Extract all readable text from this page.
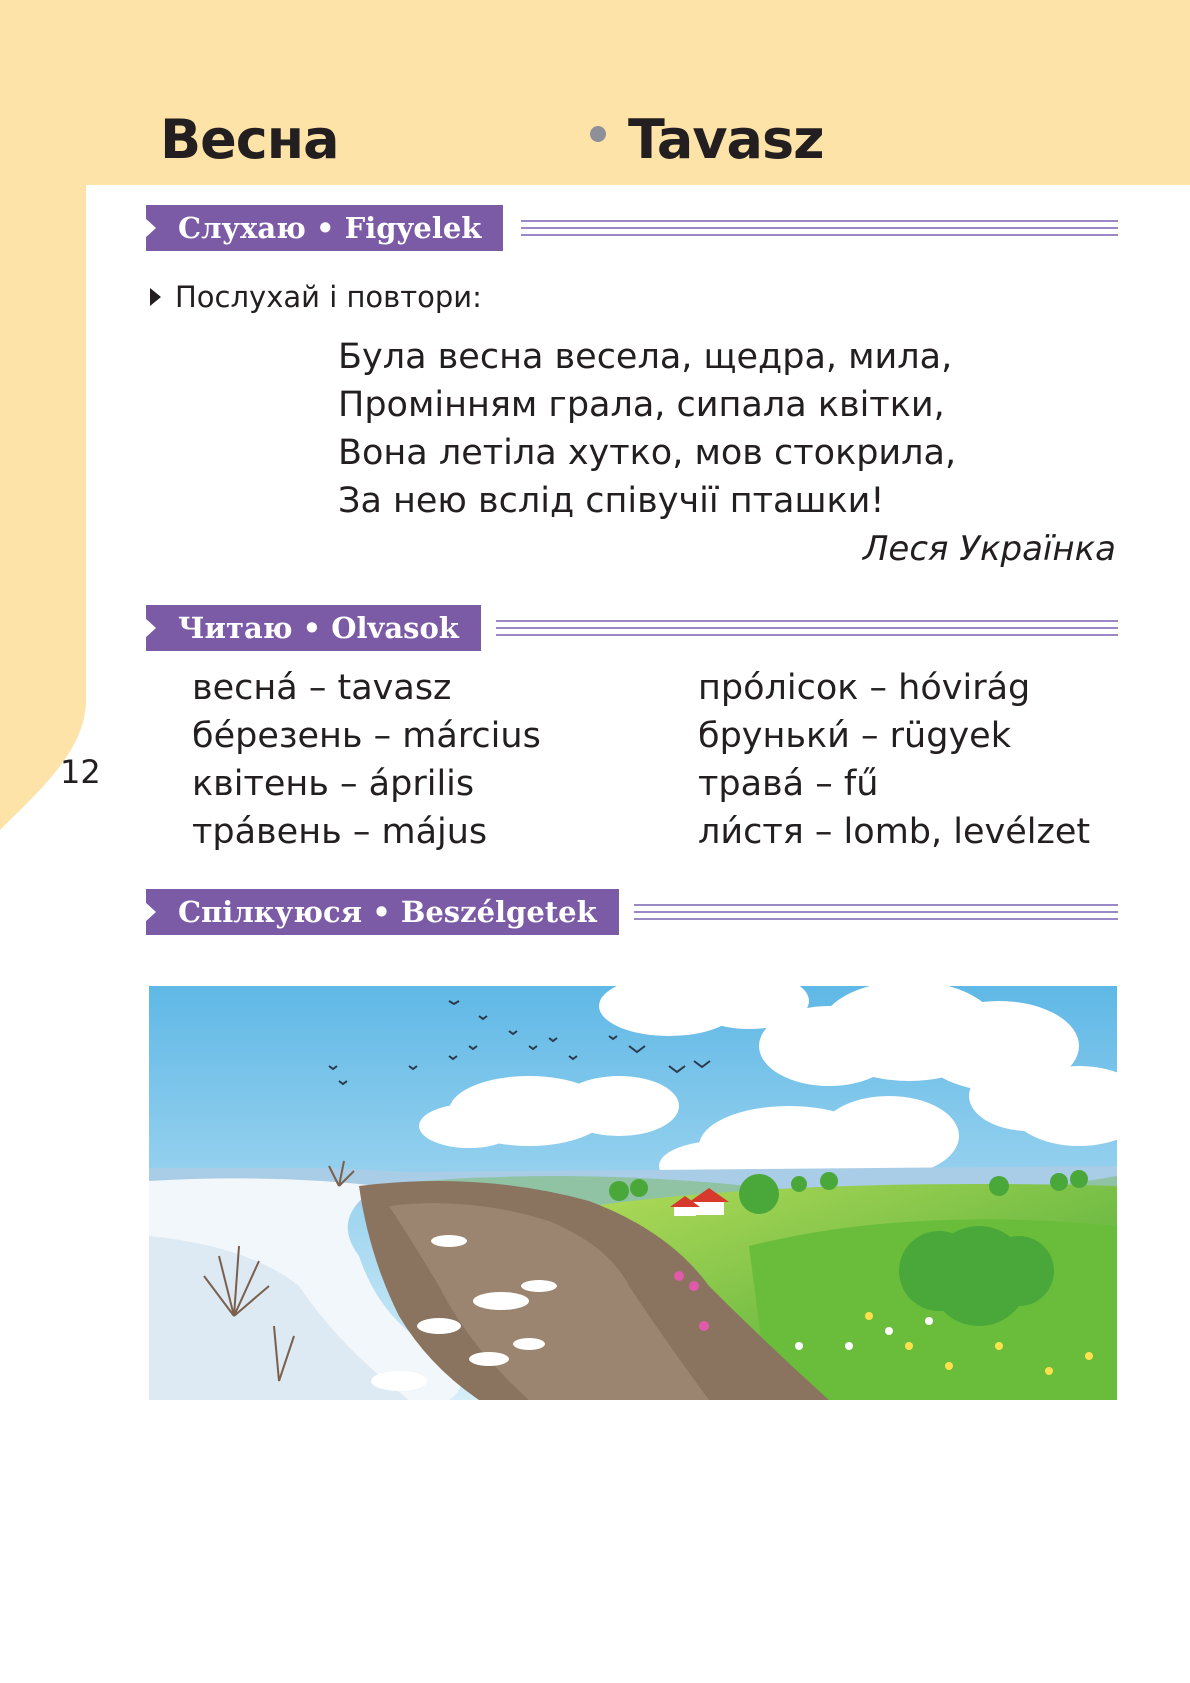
12
Весна	Tavasz
Слухаю • Figyelek
Послухай і повтори:
Була весна весела, щедра, мила,
Промінням грала, сипала квітки,
Вона летіла хутко, мов стокрила,
За нею вслід співучії пташки!
Леся Українка
Читаю • Olvasok
весна́ – tavasz
бе́резень – március
квітень – április
тра́вень – május
про́лісок – hóvirág
бруньки́ – rügyek
трава́ – fű
ли́стя – lomb, levélzet
Спілкуюся • Beszélgetek
